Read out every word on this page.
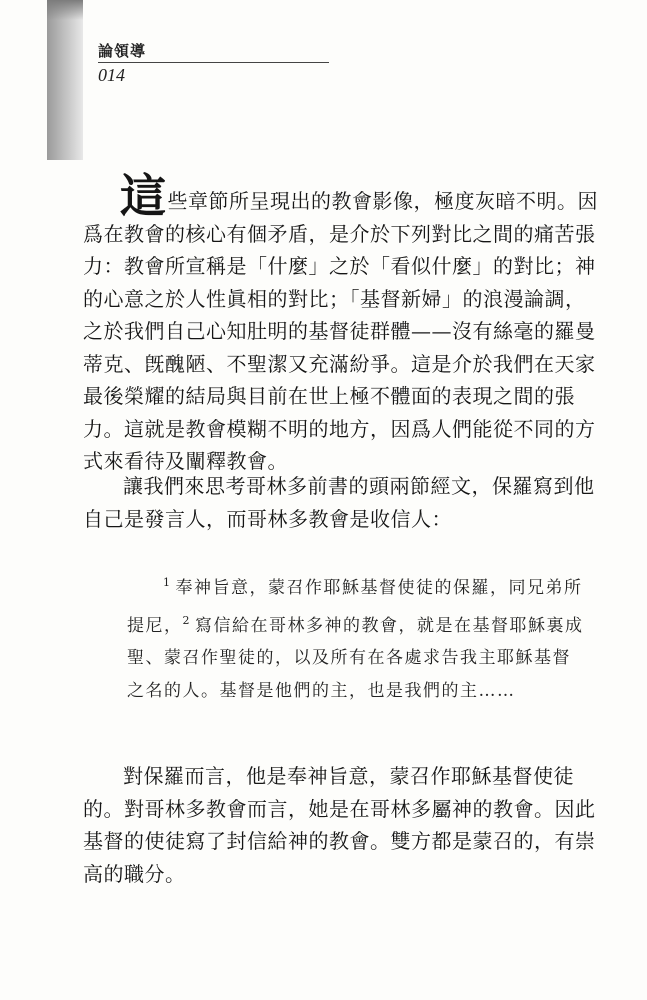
論領導
014

這些章節所呈現出的教會影像，極度灰暗不明。因爲在教會的核心有個矛盾，是介於下列對比之間的痛苦張力：教會所宣稱是「什麼」之於「看似什麼」的對比；神的心意之於人性眞相的對比；「基督新婦」的浪漫論調，之於我們自己心知肚明的基督徒群體——沒有絲毫的羅曼蒂克、旣醜陋、不聖潔又充滿紛爭。這是介於我們在天家最後榮耀的結局與目前在世上極不體面的表現之間的張力。這就是教會模糊不明的地方，因爲人們能從不同的方式來看待及闡釋教會。

讓我們來思考哥林多前書的頭兩節經文，保羅寫到他自己是發言人，而哥林多教會是收信人：

$^1$ 奉神旨意，蒙召作耶穌基督使徒的保羅，同兄弟所提尼，$^2$ 寫信給在哥林多神的教會，就是在基督耶穌裏成聖、蒙召作聖徒的，以及所有在各處求告我主耶穌基督之名的人。基督是他們的主，也是我們的主……

對保羅而言，他是奉神旨意，蒙召作耶穌基督使徒的。對哥林多教會而言，她是在哥林多屬神的教會。因此基督的使徒寫了封信給神的教會。雙方都是蒙召的，有崇高的職分。
